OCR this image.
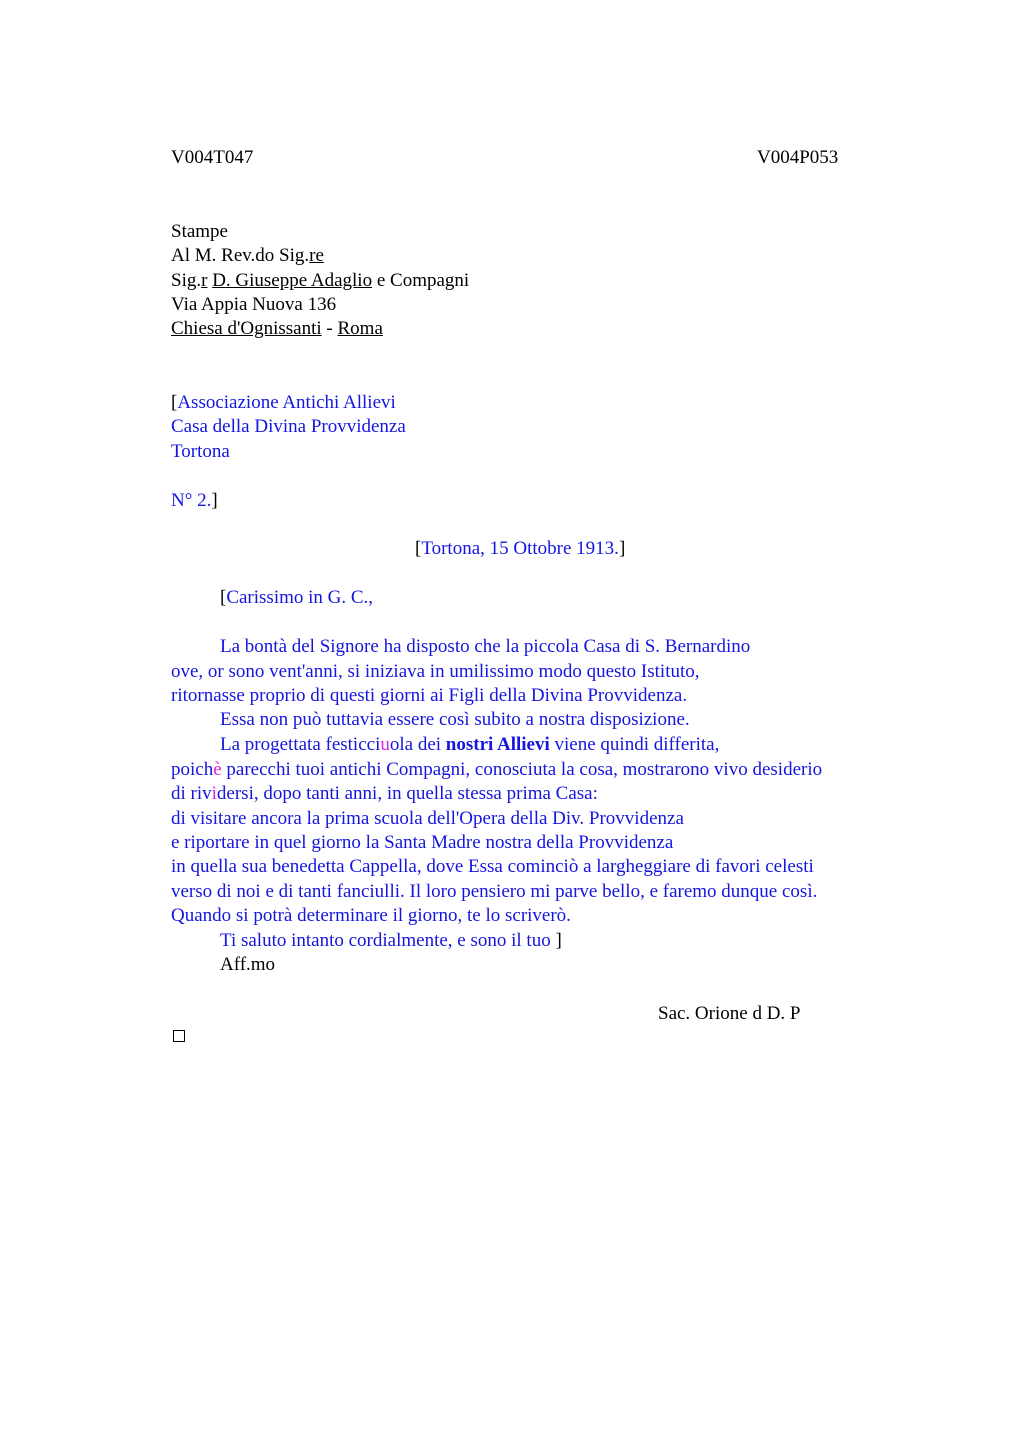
V004T047	V004P053
Stampe
Al M. Rev.do Sig.re
Sig.r D. Giuseppe Adaglio e Compagni
Via Appia Nuova 136
Chiesa d'Ognissanti - Roma
[Associazione Antichi Allievi
Casa della Divina Provvidenza
Tortona
N° 2.]
[Tortona, 15 Ottobre 1913.]
[Carissimo in G. C.,
La bontà del Signore ha disposto che la piccola Casa di S. Bernardino
ove, or sono vent'anni, si iniziava in umilissimo modo questo Istituto,
ritornasse proprio di questi giorni ai Figli della Divina Provvidenza.
Essa non può tuttavia essere così subito a nostra disposizione.
La progettata festicciuola dei nostri Allievi viene quindi differita,
poichè parecchi tuoi antichi Compagni, conosciuta la cosa, mostrarono vivo desiderio
di rividersi, dopo tanti anni, in quella stessa prima Casa:
di visitare ancora la prima scuola dell'Opera della Div. Provvidenza
e riportare in quel giorno la Santa Madre nostra della Provvidenza
in quella sua benedetta Cappella, dove Essa cominciò a largheggiare di favori celesti
verso di noi e di tanti fanciulli. Il loro pensiero mi parve bello, e faremo dunque così.
Quando si potrà determinare il giorno, te lo scriverò.
Ti saluto intanto cordialmente, e sono il tuo ]
Aff.mo
Sac. Orione d D. P
